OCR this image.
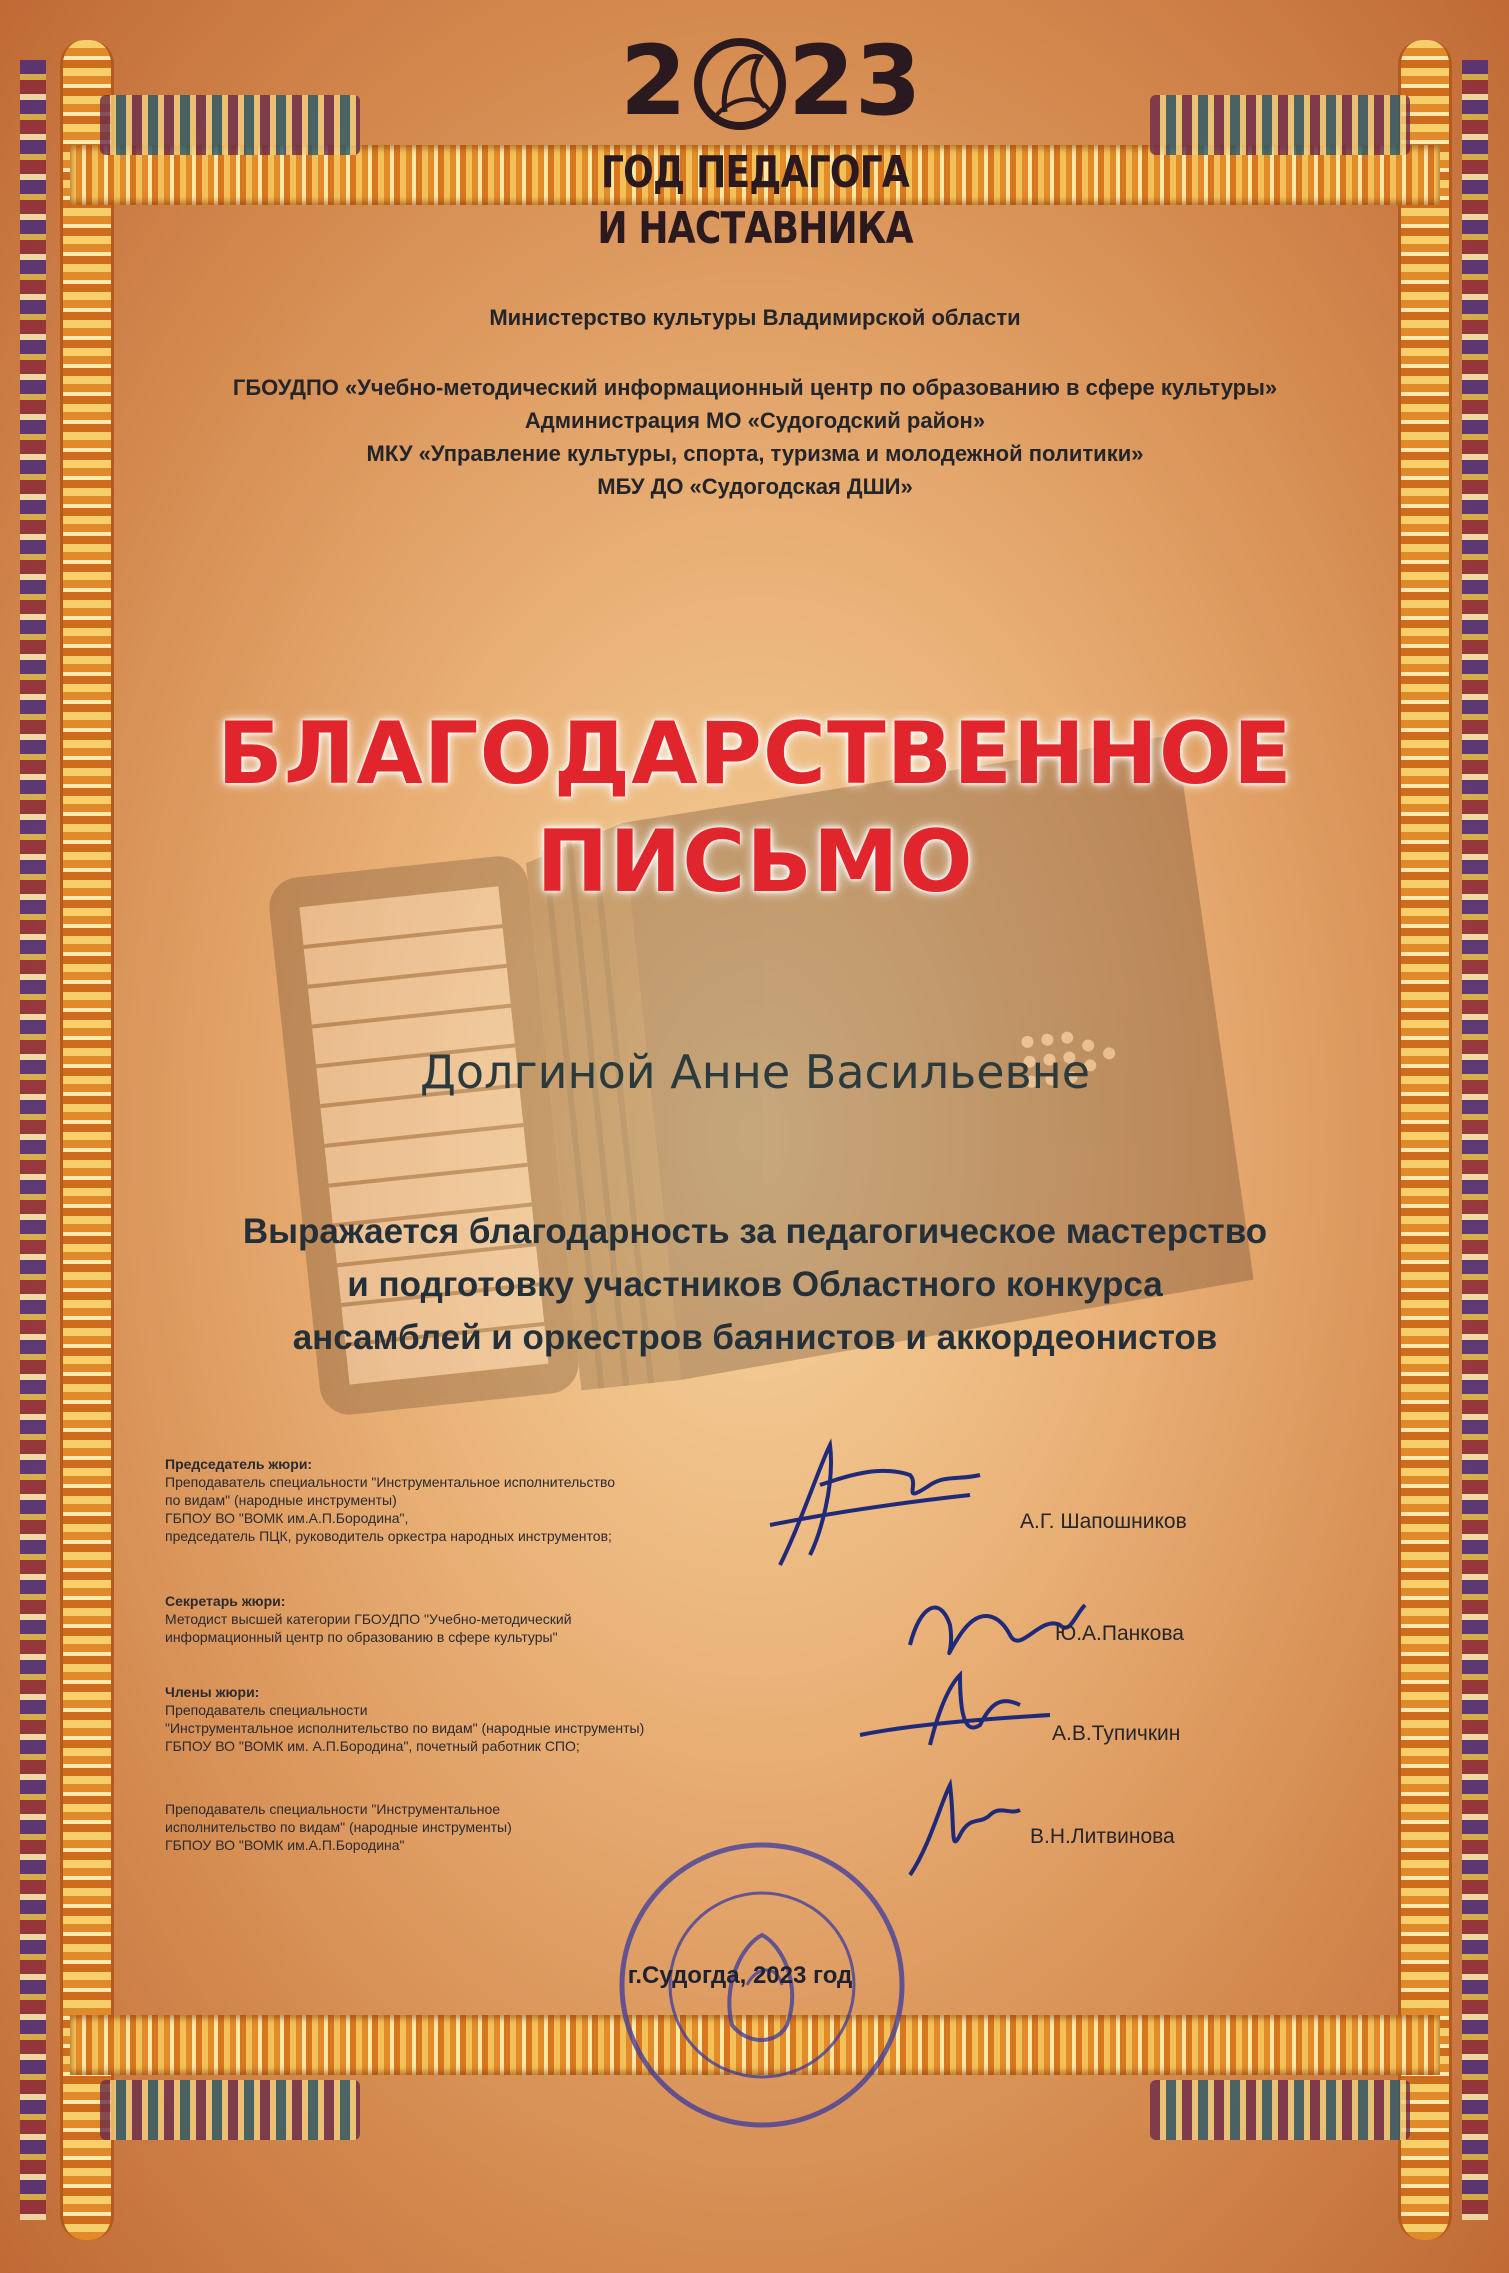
2 23
ГОД ПЕДАГОГА
И НАСТАВНИКА
Министерство культуры Владимирской области
ГБОУДПО «Учебно-методический информационный центр по образованию в сфере культуры»
Администрация МО «Судогодский район»
МКУ «Управление культуры, спорта, туризма и молодежной политики»
МБУ ДО «Судогодская ДШИ»
БЛАГОДАРСТВЕННОЕ
ПИСЬМО
Долгиной Анне Васильевне
Выражается благодарность за педагогическое мастерство
и подготовку участников Областного конкурса
ансамблей и оркестров баянистов и аккордеонистов
Председатель жюри:
Преподаватель специальности "Инструментальное исполнительство
по видам" (народные инструменты)
ГБПОУ ВО "ВОМК им.А.П.Бородина",
председатель ПЦК, руководитель оркестра народных инструментов;
Секретарь жюри:
Методист высшей категории ГБОУДПО "Учебно-методический
информационный центр по образованию в сфере культуры"
Члены жюри:
Преподаватель специальности
"Инструментальное исполнительство по видам" (народные инструменты)
ГБПОУ ВО "ВОМК им. А.П.Бородина", почетный работник СПО;
Преподаватель специальности "Инструментальное
исполнительство по видам" (народные инструменты)
ГБПОУ ВО "ВОМК им.А.П.Бородина"
А.Г. Шапошников
Ю.А.Панкова
А.В.Тупичкин
В.Н.Литвинова
г.Судогда, 2023 год
